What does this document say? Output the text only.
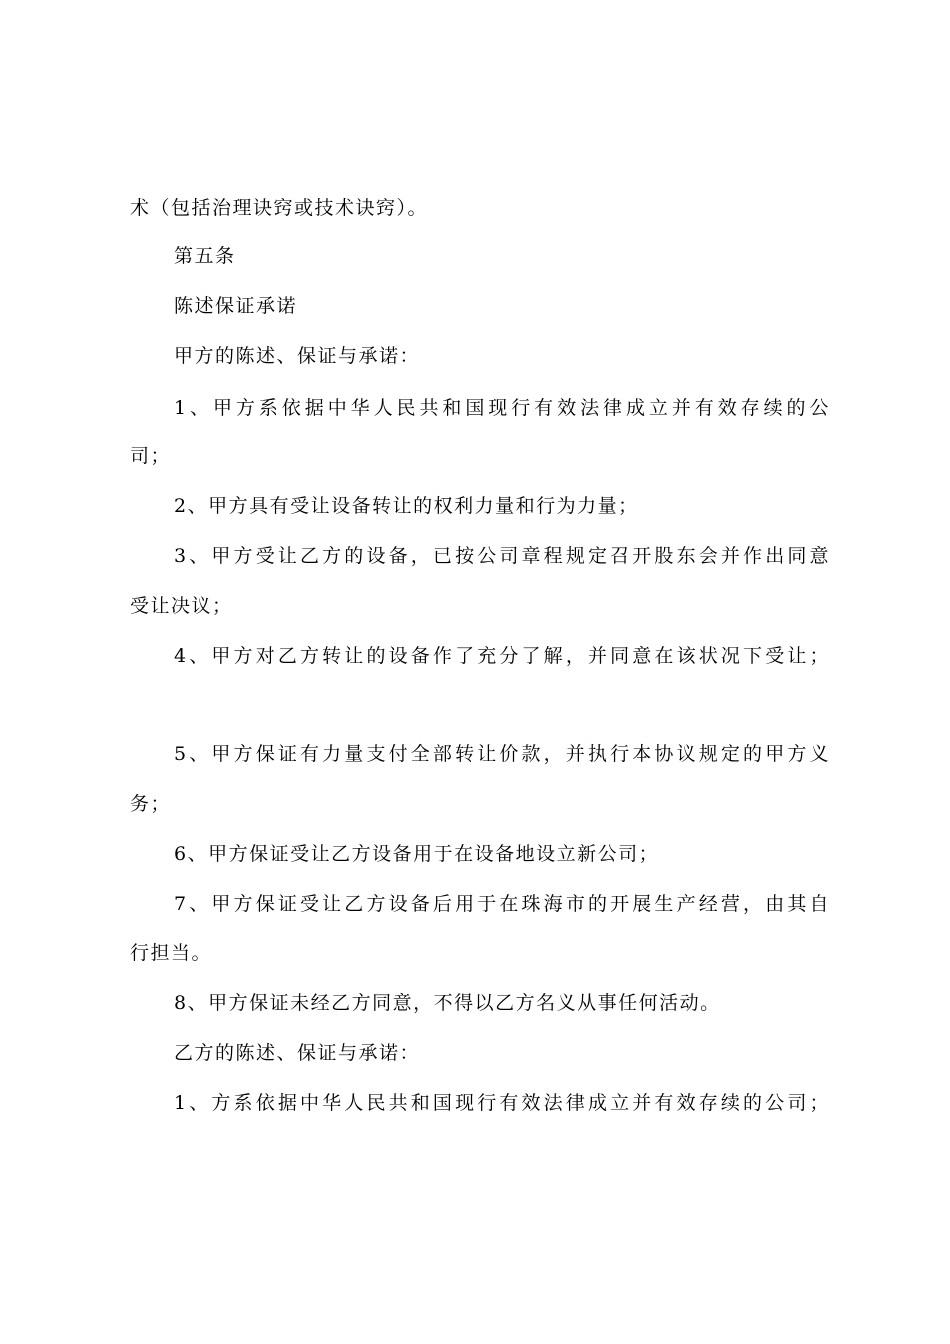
术（包括治理诀窍或技术诀窍）。
第五条
陈述保证承诺
甲方的陈述、保证与承诺：
1、甲方系依据中华人民共和国现行有效法律成立并有效存续的公
司；
2、甲方具有受让设备转让的权利力量和行为力量；
3、甲方受让乙方的设备，已按公司章程规定召开股东会并作出同意
受让决议；
4、甲方对乙方转让的设备作了充分了解，并同意在该状况下受让；
5、甲方保证有力量支付全部转让价款，并执行本协议规定的甲方义
务；
6、甲方保证受让乙方设备用于在设备地设立新公司；
7、甲方保证受让乙方设备后用于在珠海市的开展生产经营，由其自
行担当。
8、甲方保证未经乙方同意，不得以乙方名义从事任何活动。
乙方的陈述、保证与承诺：
1、方系依据中华人民共和国现行有效法律成立并有效存续的公司；
